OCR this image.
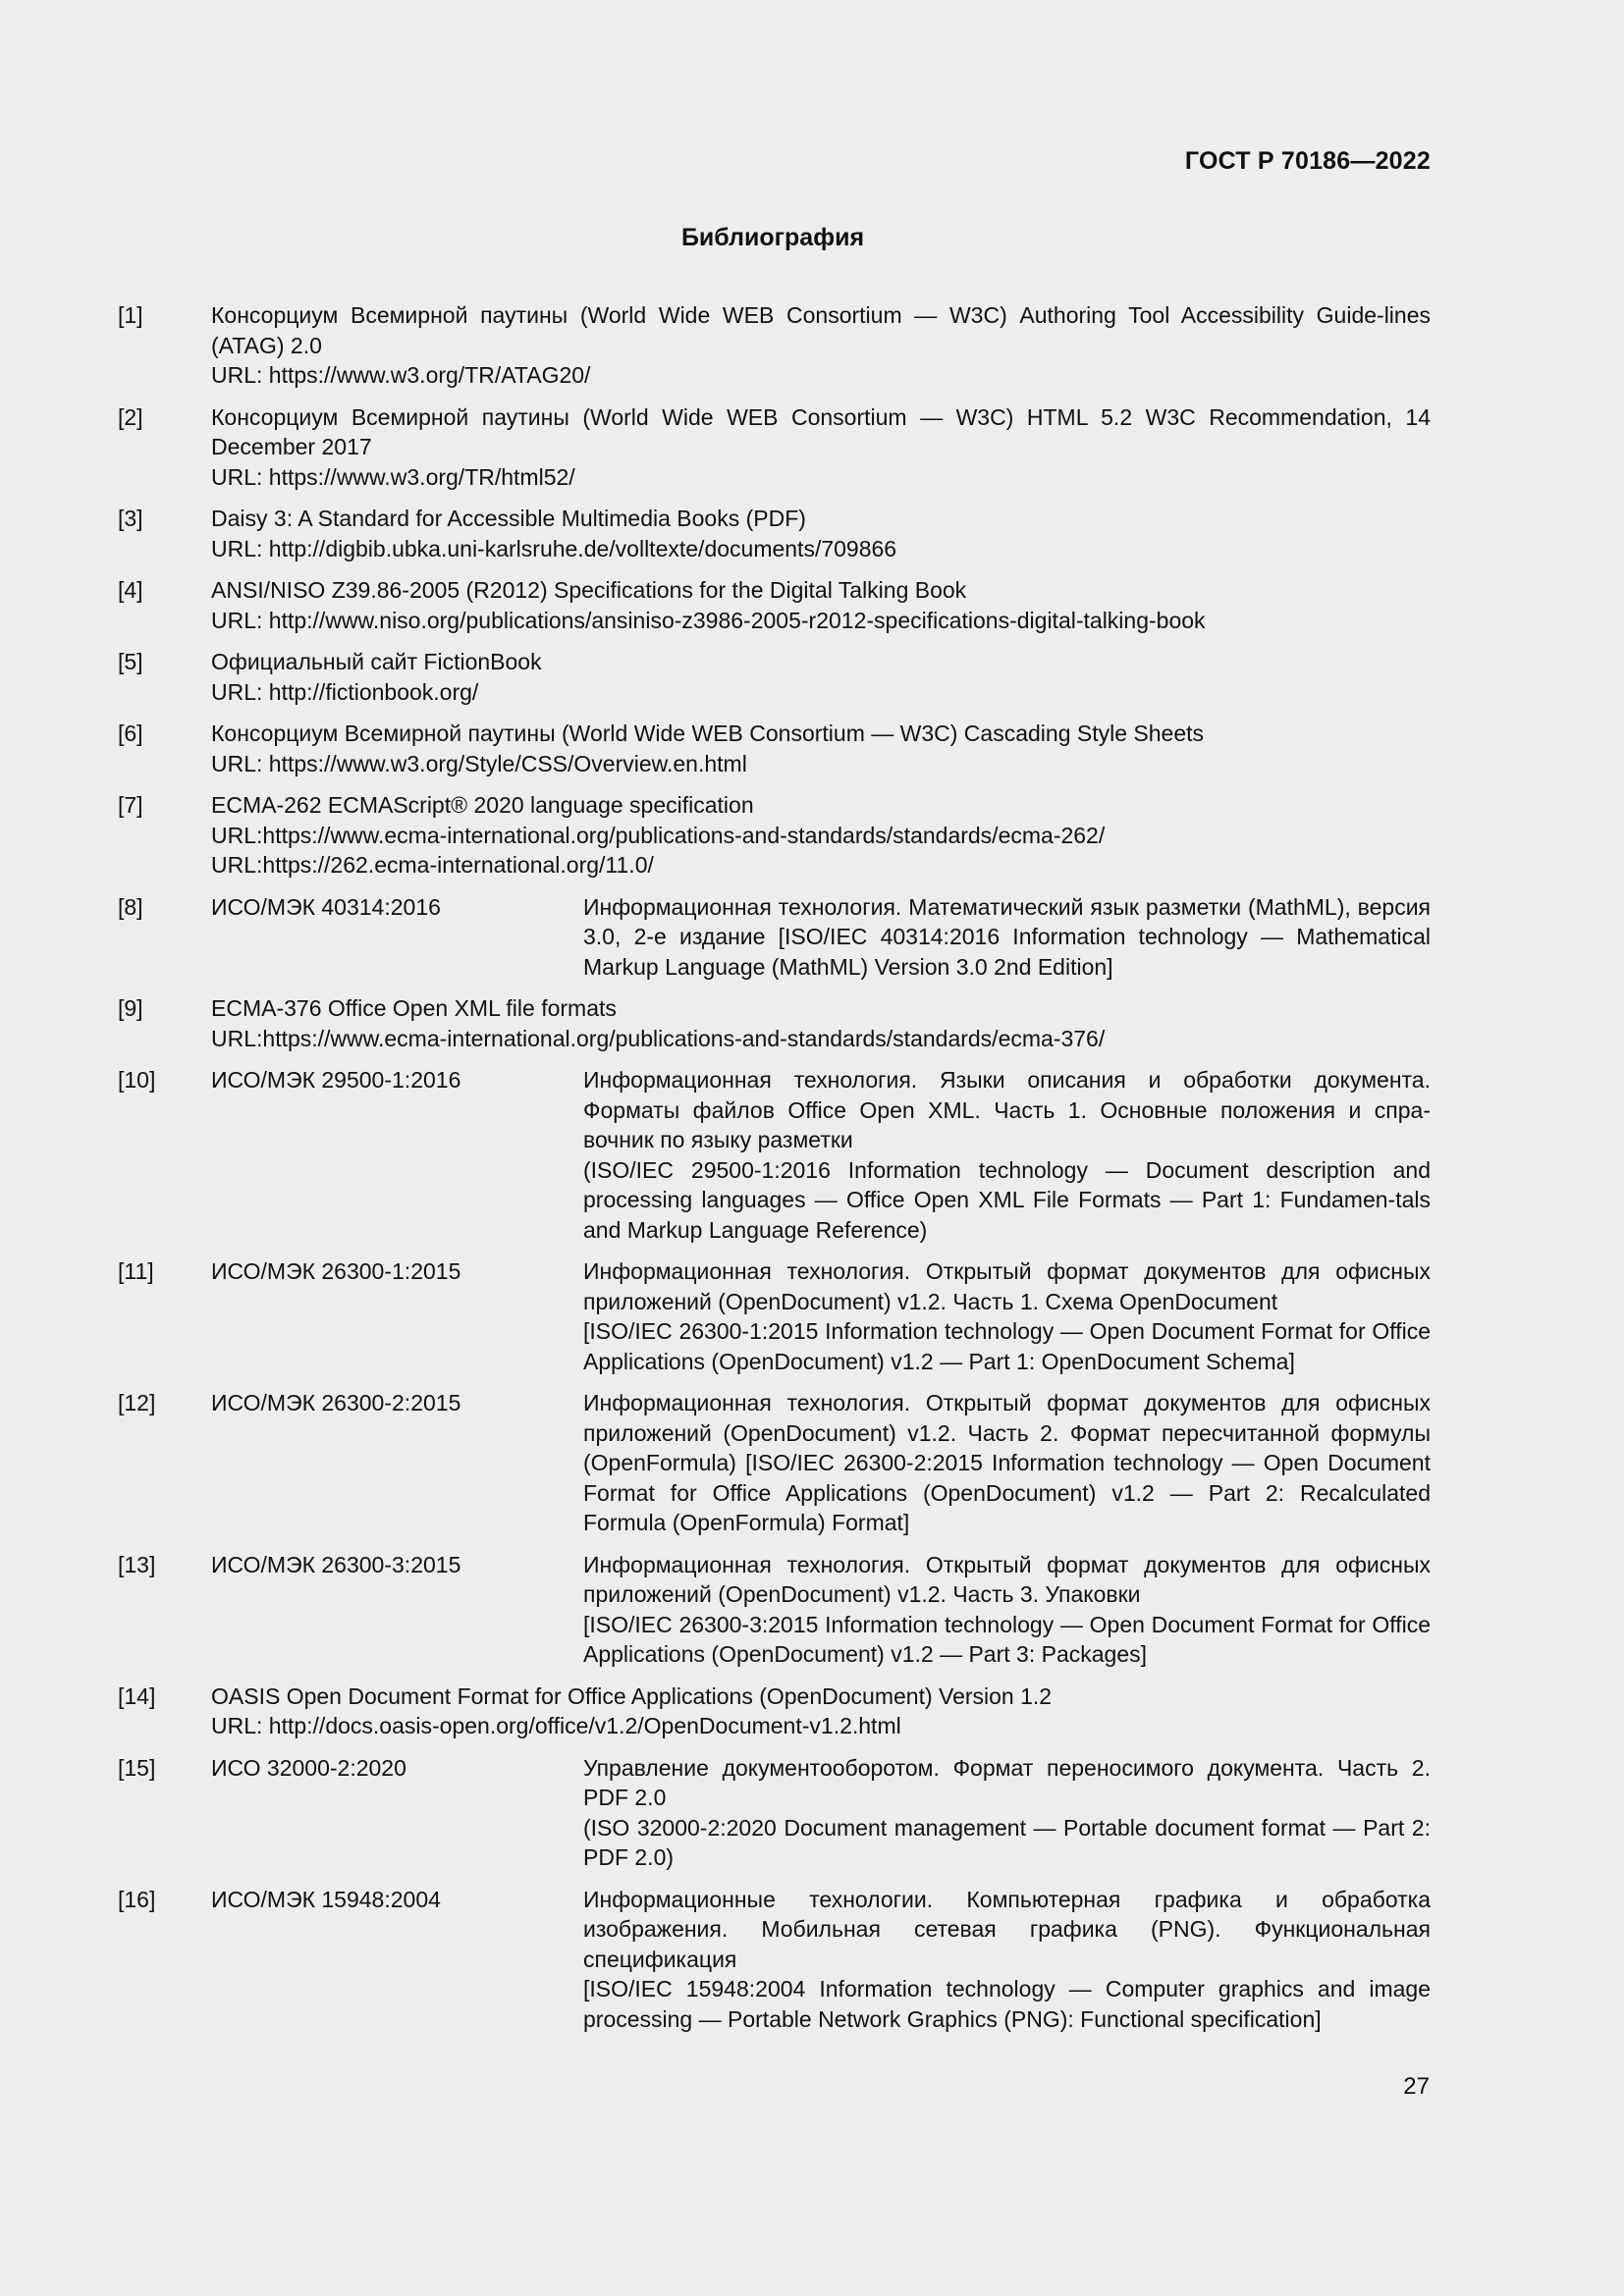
ГОСТ Р 70186—2022
Библиография
[1]	Консорциум Всемирной паутины (World Wide WEB Consortium — W3C) Authoring Tool Accessibility Guide-lines (ATAG) 2.0
URL: https://www.w3.org/TR/ATAG20/
[2]	Консорциум Всемирной паутины (World Wide WEB Consortium — W3C) HTML 5.2 W3C Recommendation, 14 December 2017
URL: https://www.w3.org/TR/html52/
[3]	Daisy 3: A Standard for Accessible Multimedia Books (PDF)
URL: http://digbib.ubka.uni-karlsruhe.de/volltexte/documents/709866
[4]	ANSI/NISO Z39.86-2005 (R2012) Specifications for the Digital Talking Book
URL: http://www.niso.org/publications/ansiniso-z3986-2005-r2012-specifications-digital-talking-book
[5]	Официальный сайт FictionBook
URL: http://fictionbook.org/
[6]	Консорциум Всемирной паутины (World Wide WEB Consortium — W3C) Cascading Style Sheets
URL: https://www.w3.org/Style/CSS/Overview.en.html
[7]	ECMA-262 ECMAScript® 2020 language specification
URL:https://www.ecma-international.org/publications-and-standards/standards/ecma-262/
URL:https://262.ecma-international.org/11.0/
[8]	ИСО/МЭК 40314:2016	Информационная технология. Математический язык разметки (MathML), версия 3.0, 2-е издание [ISO/IEC 40314:2016 Information technology — Mathematical Markup Language (MathML) Version 3.0 2nd Edition]
[9]	ECMA-376 Office Open XML file formats
URL:https://www.ecma-international.org/publications-and-standards/standards/ecma-376/
[10]	ИСО/МЭК 29500-1:2016	Информационная технология. Языки описания и обработки документа. Форматы файлов Office Open XML. Часть 1. Основные положения и спра-вочник по языку разметки
(ISO/IEC 29500-1:2016 Information technology — Document description and processing languages — Office Open XML File Formats — Part 1: Fundamen-tals and Markup Language Reference)
[11]	ИСО/МЭК 26300-1:2015	Информационная технология. Открытый формат документов для офисных приложений (OpenDocument) v1.2. Часть 1. Схема OpenDocument
[ISO/IEC 26300-1:2015 Information technology — Open Document Format for Office Applications (OpenDocument) v1.2 — Part 1: OpenDocument Schema]
[12]	ИСО/МЭК 26300-2:2015	Информационная технология. Открытый формат документов для офисных приложений (OpenDocument) v1.2. Часть 2. Формат пересчитанной формулы (OpenFormula) [ISO/IEC 26300-2:2015 Information technology — Open Document Format for Office Applications (OpenDocument) v1.2 — Part 2: Recalculated Formula (OpenFormula) Format]
[13]	ИСО/МЭК 26300-3:2015	Информационная технология. Открытый формат документов для офисных приложений (OpenDocument) v1.2. Часть 3. Упаковки
[ISO/IEC 26300-3:2015 Information technology — Open Document Format for Office Applications (OpenDocument) v1.2 — Part 3: Packages]
[14]	OASIS Open Document Format for Office Applications (OpenDocument) Version 1.2
URL: http://docs.oasis-open.org/office/v1.2/OpenDocument-v1.2.html
[15]	ИСО 32000-2:2020	Управление документооборотом. Формат переносимого документа. Часть 2. PDF 2.0
(ISO 32000-2:2020 Document management — Portable document format — Part 2: PDF 2.0)
[16]	ИСО/МЭК 15948:2004	Информационные технологии. Компьютерная графика и обработка изображения. Мобильная сетевая графика (PNG). Функциональная спецификация
[ISO/IEC 15948:2004 Information technology — Computer graphics and image processing — Portable Network Graphics (PNG): Functional specification]
27
